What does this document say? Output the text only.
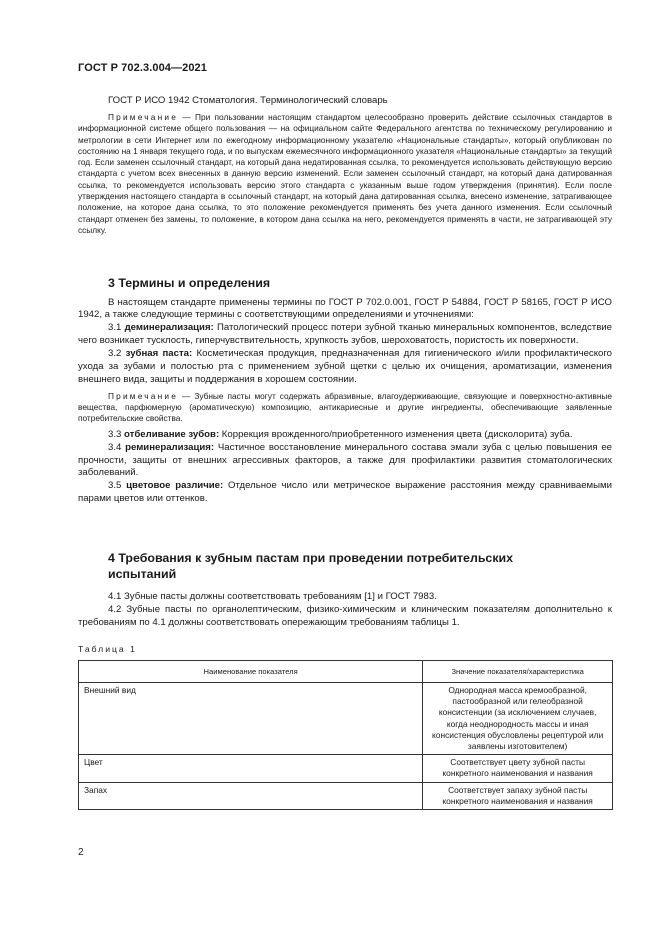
ГОСТ Р 702.3.004—2021

ГОСТ Р ИСО 1942 Стоматология. Терминологический словарь

Примечание — При пользовании настоящим стандартом целесообразно проверить действие ссылочных стандартов в информационной системе общего пользования — на официальном сайте Федерального агентства по техническому регулированию и метрологии в сети Интернет или по ежегодному информационному указателю «Национальные стандарты», который опубликован по состоянию на 1 января текущего года, и по выпускам ежемесячного информационного указателя «Национальные стандарты» за текущий год. Если заменен ссылочный стандарт, на который дана недатированная ссылка, то рекомендуется использовать действующую версию стандарта с учетом всех внесенных в данную версию изменений. Если заменен ссылочный стандарт, на который дана датированная ссылка, то рекомендуется использовать версию этого стандарта с указанным выше годом утверждения (принятия). Если после утверждения настоящего стандарта в ссылочный стандарт, на который дана датированная ссылка, внесено изменение, затрагивающее положение, на которое дана ссылка, то это положение рекомендуется применять без учета данного изменения. Если ссылочный стандарт отменен без замены, то положение, в котором дана ссылка на него, рекомендуется применять в части, не затрагивающей эту ссылку.

3 Термины и определения

В настоящем стандарте применены термины по ГОСТ Р 702.0.001, ГОСТ Р 54884, ГОСТ Р 58165, ГОСТ Р ИСО 1942, а также следующие термины с соответствующими определениями и уточнениями:

3.1 деминерализация: Патологический процесс потери зубной тканью минеральных компонентов, вследствие чего возникает тусклость, гиперчувствительность, хрупкость зубов, шероховатость, пористость их поверхности.

3.2 зубная паста: Косметическая продукция, предназначенная для гигиенического и/или профилактического ухода за зубами и полостью рта с применением зубной щетки с целью их очищения, ароматизации, изменения внешнего вида, защиты и поддержания в хорошем состоянии.

Примечание — Зубные пасты могут содержать абразивные, влагоудерживающие, связующие и поверхностно-активные вещества, парфюмерную (ароматическую) композицию, антикариесные и другие ингредиенты, обеспечивающие заявленные потребительские свойства.

3.3 отбеливание зубов: Коррекция врожденного/приобретенного изменения цвета (дисколорита) зуба.

3.4 реминерализация: Частичное восстановление минерального состава эмали зуба с целью повышения ее прочности, защиты от внешних агрессивных факторов, а также для профилактики развития стоматологических заболеваний.

3.5 цветовое различие: Отдельное число или метрическое выражение расстояния между сравниваемыми парами цветов или оттенков.

4 Требования к зубным пастам при проведении потребительских
испытаний

4.1 Зубные пасты должны соответствовать требованиям [1] и ГОСТ 7983.

4.2 Зубные пасты по органолептическим, физико-химическим и клиническим показателям дополнительно к требованиям по 4.1 должны соответствовать опережающим требованиям таблицы 1.

Таблица 1
Наименование показателя	Значение показателя/характеристика
Внешний вид	Однородная масса кремообразной, пастообразной или гелеобразной консистенции (за исключением случаев, когда неоднородность массы и иная консистенция обусловлены рецептурой или заявлены изготовителем)
Цвет	Соответствует цвету зубной пасты конкретного наименования и названия
Запах	Соответствует запаху зубной пасты конкретного наименования и названия
2
